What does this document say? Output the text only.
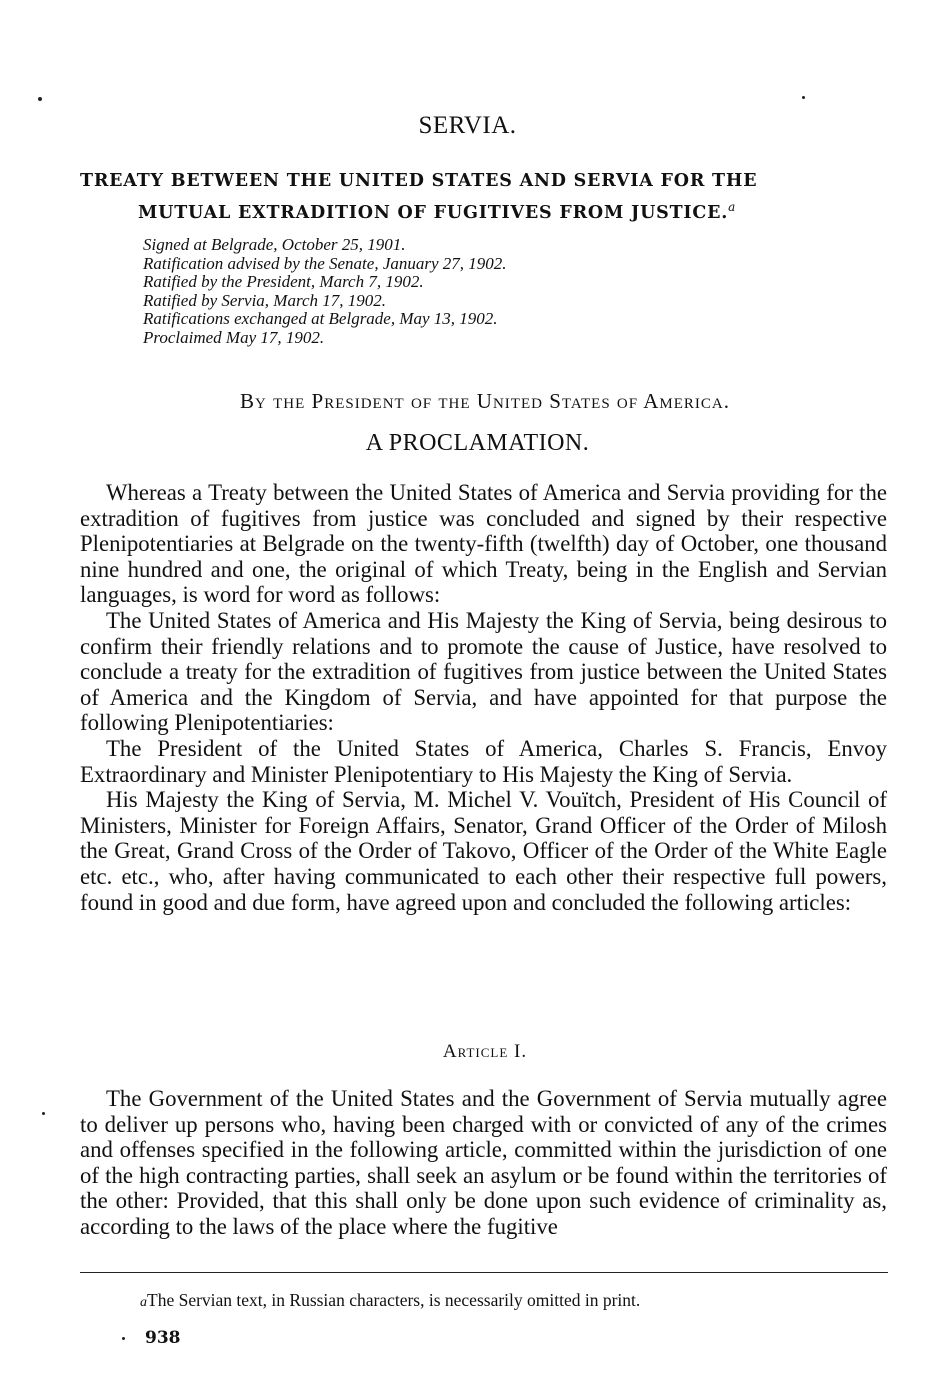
SERVIA.
TREATY BETWEEN THE UNITED STATES AND SERVIA FOR THE
MUTUAL EXTRADITION OF FUGITIVES FROM JUSTICE.$^a$
Signed at Belgrade, October 25, 1901.
Ratification advised by the Senate, January 27, 1902.
Ratified by the President, March 7, 1902.
Ratified by Servia, March 17, 1902.
Ratifications exchanged at Belgrade, May 13, 1902.
Proclaimed May 17, 1902.
By the President of the United States of America.
A PROCLAMATION.

Whereas a Treaty between the United States of America and Servia providing for the extradition of fugitives from justice was concluded and signed by their respective Plenipotentiaries at Belgrade on the twenty-fifth (twelfth) day of October, one thousand nine hundred and one, the original of which Treaty, being in the English and Servian languages, is word for word as follows:

The United States of America and His Majesty the King of Servia, being desirous to confirm their friendly relations and to promote the cause of Justice, have resolved to conclude a treaty for the extradition of fugitives from justice between the United States of America and the Kingdom of Servia, and have appointed for that purpose the following Plenipotentiaries:

The President of the United States of America, Charles S. Francis, Envoy Extraordinary and Minister Plenipotentiary to His Majesty the King of Servia.

His Majesty the King of Servia, M. Michel V. Vouïtch, President of His Council of Ministers, Minister for Foreign Affairs, Senator, Grand Officer of the Order of Milosh the Great, Grand Cross of the Order of Takovo, Officer of the Order of the White Eagle etc. etc., who, after having communicated to each other their respective full powers, found in good and due form, have agreed upon and concluded the following articles:

Article I.

The Government of the United States and the Government of Servia mutually agree to deliver up persons who, having been charged with or convicted of any of the crimes and offenses specified in the following article, committed within the jurisdiction of one of the high contracting parties, shall seek an asylum or be found within the territories of the other: Provided, that this shall only be done upon such evidence of criminality as, according to the laws of the place where the fugitive

aThe Servian text, in Russian characters, is necessarily omitted in print.
938
